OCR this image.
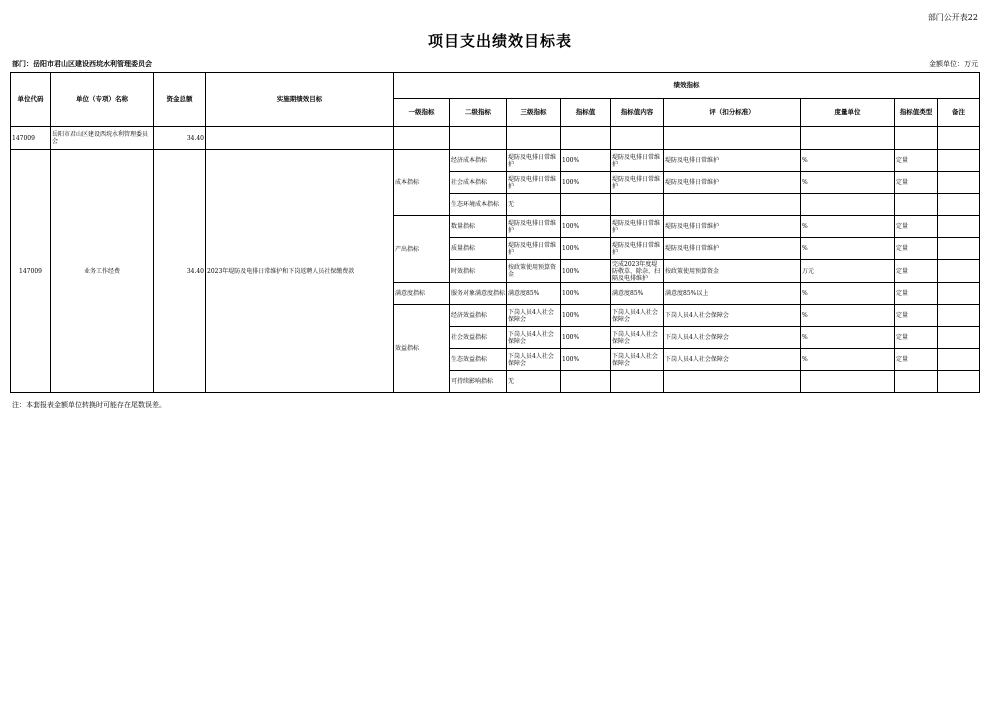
部门公开表22
项目支出绩效目标表
部门：岳阳市君山区建设西垸水利管理委员会	金额单位：万元
单位代码	单位（专项）名称	资金总额	实施期绩效目标	绩效指标								
				一级指标	二级指标	三级指标	指标值	指标值内容	评（扣分标准）	度量单位	指标值类型	备注
147009	岳阳市君山区建设西垸水利管理委员会	34.40										
147009	业务工作经费	34.40	2023年堤防及电排日常维护和下岗返聘人员社保缴费款	成本指标	经济成本指标	堤防及电排日常维护	100%	堤防及电排日常维护	堤防及电排日常维护	%	定量	
					社会成本指标	堤防及电排日常维护	100%	堤防及电排日常维护	堤防及电排日常维护	%	定量	
					生态环境成本指标	无						
				产出指标	数量指标	堤防及电排日常维护	100%	堤防及电排日常维护	堤防及电排日常维护	%	定量	
					质量指标	堤防及电排日常维护	100%	堤防及电排日常维护	堤防及电排日常维护	%	定量	
					时效指标	按政策使用预算资金	100%	完成2023年度堤防敬草、除杂、扫隔及电排维护	按政策使用预算资金	万元	定量	
				满意度指标	服务对象满意度指标	满意度85%	100%	满意度85%	满意度85%以上	%	定量	
				效益指标	经济效益指标	下岗人员4人社会保障会	100%	下岗人员4人社会保障会	下岗人员4人社会保障会	%	定量	
					社会效益指标	下岗人员4人社会保障会	100%	下岗人员4人社会保障会	下岗人员4人社会保障会	%	定量	
					生态效益指标	下岗人员4人社会保障会	100%	下岗人员4人社会保障会	下岗人员4人社会保障会	%	定量	
					可持续影响指标	无						
注：本套报表金额单位转换时可能存在尾数误差。
